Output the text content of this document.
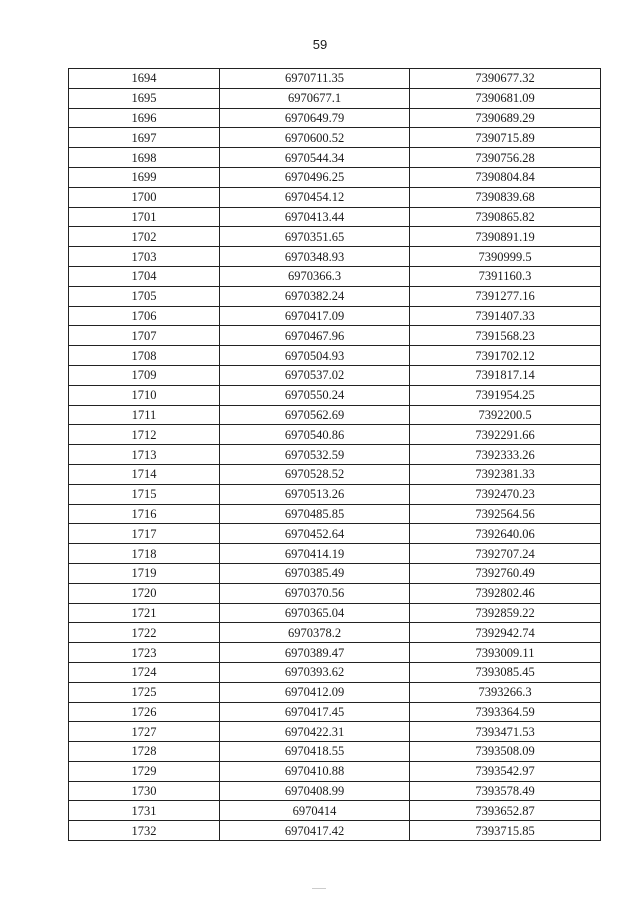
59
1694	6970711.35	7390677.32
1695	6970677.1	7390681.09
1696	6970649.79	7390689.29
1697	6970600.52	7390715.89
1698	6970544.34	7390756.28
1699	6970496.25	7390804.84
1700	6970454.12	7390839.68
1701	6970413.44	7390865.82
1702	6970351.65	7390891.19
1703	6970348.93	7390999.5
1704	6970366.3	7391160.3
1705	6970382.24	7391277.16
1706	6970417.09	7391407.33
1707	6970467.96	7391568.23
1708	6970504.93	7391702.12
1709	6970537.02	7391817.14
1710	6970550.24	7391954.25
1711	6970562.69	7392200.5
1712	6970540.86	7392291.66
1713	6970532.59	7392333.26
1714	6970528.52	7392381.33
1715	6970513.26	7392470.23
1716	6970485.85	7392564.56
1717	6970452.64	7392640.06
1718	6970414.19	7392707.24
1719	6970385.49	7392760.49
1720	6970370.56	7392802.46
1721	6970365.04	7392859.22
1722	6970378.2	7392942.74
1723	6970389.47	7393009.11
1724	6970393.62	7393085.45
1725	6970412.09	7393266.3
1726	6970417.45	7393364.59
1727	6970422.31	7393471.53
1728	6970418.55	7393508.09
1729	6970410.88	7393542.97
1730	6970408.99	7393578.49
1731	6970414	7393652.87
1732	6970417.42	7393715.85
